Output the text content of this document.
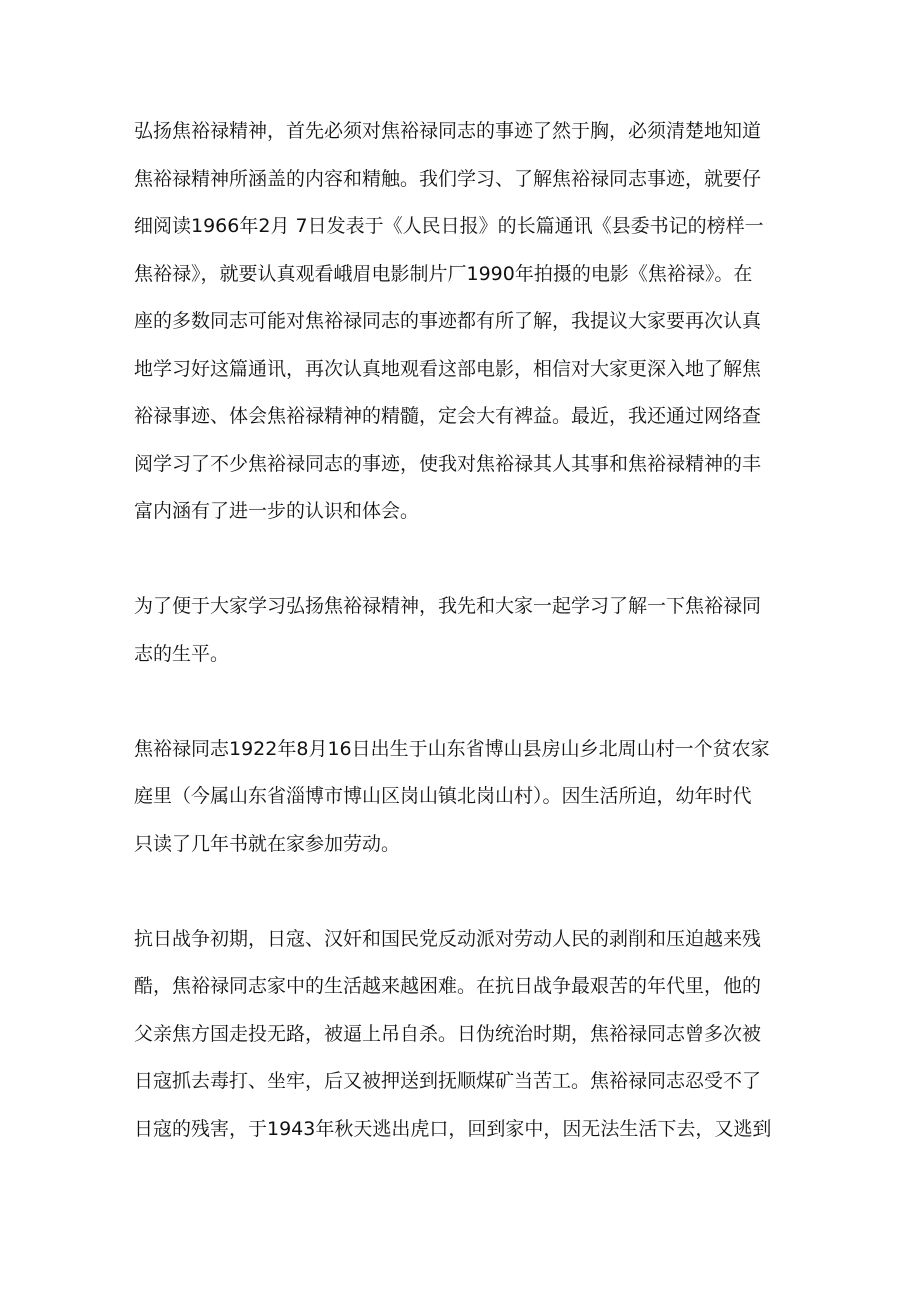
弘扬焦裕禄精神，首先必须对焦裕禄同志的事迹了然于胸，必须清楚地知道
焦裕禄精神所涵盖的内容和精触。我们学习、了解焦裕禄同志事迹，就要仔
细阅读1966年2月 7日发表于《人民日报》的长篇通讯《县委书记的榜样一
焦裕禄》，就要认真观看峨眉电影制片厂1990年拍摄的电影《焦裕禄》。在
座的多数同志可能对焦裕禄同志的事迹都有所了解，我提议大家要再次认真
地学习好这篇通讯，再次认真地观看这部电影，相信对大家更深入地了解焦
裕禄事迹、体会焦裕禄精神的精髓，定会大有裨益。最近，我还通过网络查
阅学习了不少焦裕禄同志的事迹，使我对焦裕禄其人其事和焦裕禄精神的丰
富内涵有了进一步的认识和体会。
为了便于大家学习弘扬焦裕禄精神，我先和大家一起学习了解一下焦裕禄同
志的生平。
焦裕禄同志1922年8月16日出生于山东省博山县房山乡北周山村一个贫农家
庭里（今属山东省淄博市博山区岗山镇北岗山村）。因生活所迫，幼年时代
只读了几年书就在家参加劳动。
抗日战争初期，日寇、汉奸和国民党反动派对劳动人民的剥削和压迫越来残
酷，焦裕禄同志家中的生活越来越困难。在抗日战争最艰苦的年代里，他的
父亲焦方国走投无路，被逼上吊自杀。日伪统治时期，焦裕禄同志曾多次被
日寇抓去毒打、坐牢，后又被押送到抚顺煤矿当苦工。焦裕禄同志忍受不了
日寇的残害，于1943年秋天逃出虎口，回到家中，因无法生活下去，又逃到
